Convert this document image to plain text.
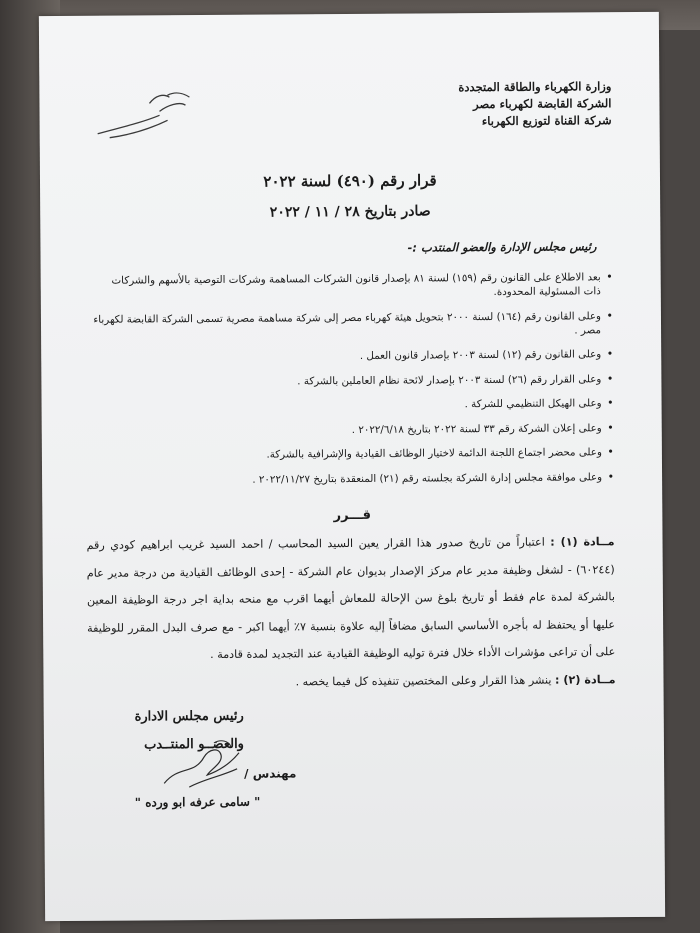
وزارة الكهرباء والطاقة المتجددة
الشركة القابضة لكهرباء مصر
شركة القناة لتوزيع الكهرباء
قرار رقم (٤٩٠) لسنة ٢٠٢٢
صادر بتاريخ ٢٨ / ١١ / ٢٠٢٢
رئيس مجلس الإدارة والعضو المنتدب :-
• بعد الاطلاع على القانون رقم (١٥٩) لسنة ٨١ بإصدار قانون الشركات المساهمة وشركات التوصية بالأسهم والشركات ذات المسئولية المحدودة.
• وعلى القانون رقم (١٦٤) لسنة ٢٠٠٠ بتحويل هيئة كهرباء مصر إلى شركة مساهمة مصرية تسمى الشركة القابضة لكهرباء مصر .
• وعلى القانون رقم (١٢) لسنة ٢٠٠٣ بإصدار قانون العمل .
• وعلى القرار رقم (٢٦) لسنة ٢٠٠٣ بإصدار لائحة نظام العاملين بالشركة .
• وعلى الهيكل التنظيمي للشركة .
• وعلى إعلان الشركة رقم ٣٣ لسنة ٢٠٢٢ بتاريخ ٢٠٢٢/٦/١٨ .
• وعلى محضر اجتماع اللجنة الدائمة لاختيار الوظائف القيادية والإشرافية بالشركة.
• وعلى موافقة مجلس إدارة الشركة بجلسته رقم (٢١) المنعقدة بتاريخ ٢٠٢٢/١١/٢٧ .
قـــرر

مــادة (١) : اعتباراً من تاريخ صدور هذا القرار يعين السيد المحاسب / احمد السيد غريب ابراهيم كودي رقم (٦٠٢٤٤) - لشغل وظيفة مدير عام مركز الإصدار بديوان عام الشركة - إحدى الوظائف القيادية من درجة مدير عام بالشركة لمدة عام فقط أو تاريخ بلوغ سن الإحالة للمعاش أيهما اقرب مع منحه بداية اجر درجة الوظيفة المعين عليها أو يحتفظ له بأجره الأساسي السابق مضافاً إليه علاوة بنسبة ٧٪ أيهما اكبر - مع صرف البدل المقرر للوظيفة على أن تراعى مؤشرات الأداء خلال فترة توليه الوظيفة القيادية عند التجديد لمدة قادمة .

مــادة (٢) : ينشر هذا القرار وعلى المختصين تنفيذه كل فيما يخصه .

رئيس مجلس الادارة
والعضــو المنتــدب
مهندس /
" سامى عرفه ابو ورده "
